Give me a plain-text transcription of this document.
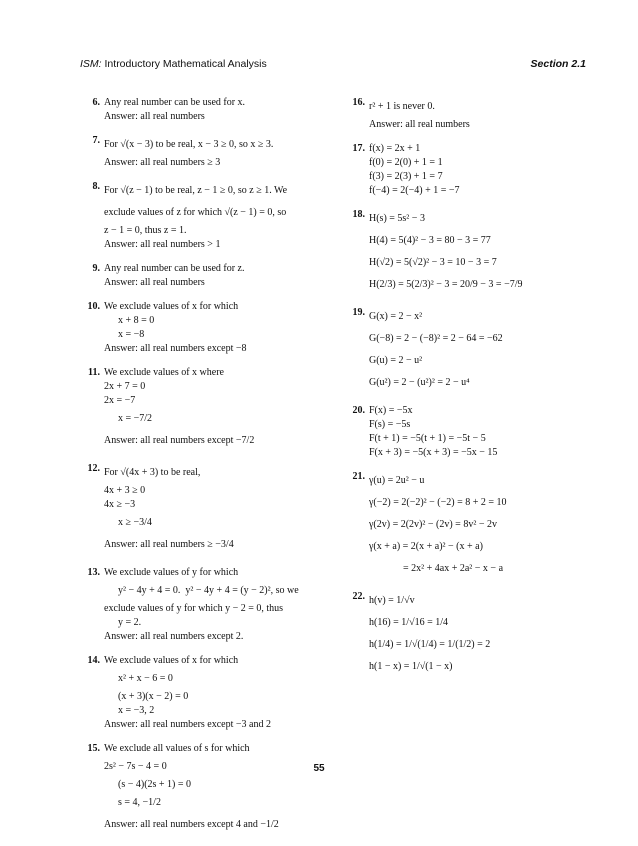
ISM: Introductory Mathematical Analysis	Section 2.1
6. Any real number can be used for x.
Answer: all real numbers
7. For √(x − 3) to be real, x − 3 ≥ 0, so x ≥ 3.
Answer: all real numbers ≥ 3
8. For √(z − 1) to be real, z − 1 ≥ 0, so z ≥ 1. We
exclude values of z for which √(z − 1) = 0, so
z − 1 = 0, thus z = 1.
Answer: all real numbers > 1
9. Any real number can be used for z.
Answer: all real numbers
10. We exclude values of x for which
x + 8 = 0
x = −8
Answer: all real numbers except −8
11. We exclude values of x where
2x + 7 = 0
2x = −7
x = −7/2
Answer: all real numbers except −7/2
12. For √(4x + 3) to be real,
4x + 3 ≥ 0
4x ≥ −3
x ≥ −3/4
Answer: all real numbers ≥ −3/4
13. We exclude values of y for which
y² − 4y + 4 = 0.  y² − 4y + 4 = (y − 2)², so we
exclude values of y for which y − 2 = 0, thus
y = 2.
Answer: all real numbers except 2.
14. We exclude values of x for which
x² + x − 6 = 0
(x + 3)(x − 2) = 0
x = −3, 2
Answer: all real numbers except −3 and 2
15. We exclude all values of s for which
2s² − 7s − 4 = 0
(s − 4)(2s + 1) = 0
s = 4, −1/2
Answer: all real numbers except 4 and −1/2
16. r² + 1 is never 0.
Answer: all real numbers
17. f(x) = 2x + 1
f(0) = 2(0) + 1 = 1
f(3) = 2(3) + 1 = 7
f(−4) = 2(−4) + 1 = −7
18. H(s) = 5s² − 3
H(4) = 5(4)² − 3 = 80 − 3 = 77
H(√2) = 5(√2)² − 3 = 10 − 3 = 7
H(2/3) = 5(2/3)² − 3 = 20/9 − 3 = −7/9
19. G(x) = 2 − x²
G(−8) = 2 − (−8)² = 2 − 64 = −62
G(u) = 2 − u²
G(u²) = 2 − (u²)² = 2 − u⁴
20. F(x) = −5x
F(s) = −5s
F(t + 1) = −5(t + 1) = −5t − 5
F(x + 3) = −5(x + 3) = −5x − 15
21. γ(u) = 2u² − u
γ(−2) = 2(−2)² − (−2) = 8 + 2 = 10
γ(2v) = 2(2v)² − (2v) = 8v² − 2v
γ(x + a) = 2(x + a)² − (x + a)
= 2x² + 4ax + 2a² − x − a
22. h(v) = 1/√v
h(16) = 1/√16 = 1/4
h(1/4) = 1/√(1/4) = 1/(1/2) = 2
h(1 − x) = 1/√(1 − x)
55
